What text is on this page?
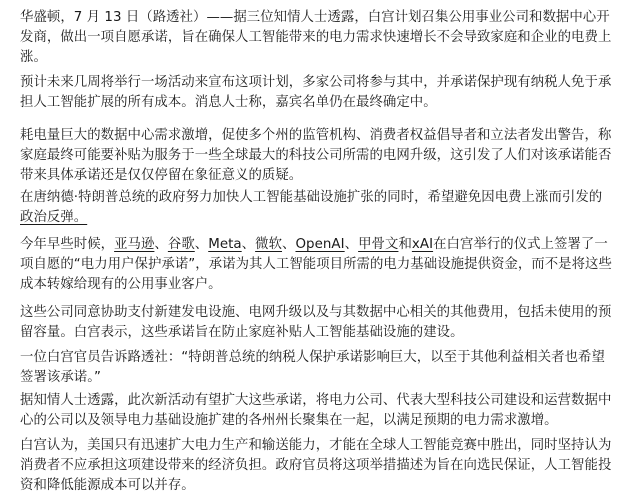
华盛顿，7 月 13 日（路透社）——据三位知情人士透露，白宫计划召集公用事业公司和数据中心开
发商，做出一项自愿承诺，旨在确保人工智能带来的电力需求快速增长不会导致家庭和企业的电费上
涨。

预计未来几周将举行一场活动来宣布这项计划，多家公司将参与其中，并承诺保护现有纳税人免于承
担人工智能扩展的所有成本。消息人士称，嘉宾名单仍在最终确定中。

耗电量巨大的数据中心需求激增，促使多个州的监管机构、消费者权益倡导者和立法者发出警告，称
家庭最终可能要补贴为服务于一些全球最大的科技公司所需的电网升级，这引发了人们对该承诺能否
带来具体承诺还是仅仅停留在象征意义的质疑。

在唐纳德·特朗普总统的政府努力加快人工智能基础设施扩张的同时，希望避免因电费上涨而引发的
政治反弹。

今年早些时候，亚马逊、谷歌、Meta、微软、OpenAI、甲骨文和xAI在白宫举行的仪式上签署了一
项自愿的“电力用户保护承诺”，承诺为其人工智能项目所需的电力基础设施提供资金，而不是将这些
成本转嫁给现有的公用事业客户。

这些公司同意协助支付新建发电设施、电网升级以及与其数据中心相关的其他费用，包括未使用的预
留容量。白宫表示，这些承诺旨在防止家庭补贴人工智能基础设施的建设。

一位白宫官员告诉路透社：“特朗普总统的纳税人保护承诺影响巨大，以至于其他利益相关者也希望
签署该承诺。”

据知情人士透露，此次新活动有望扩大这些承诺，将电力公司、代表大型科技公司建设和运营数据中
心的公司以及领导电力基础设施扩建的各州州长聚集在一起，以满足预期的电力需求激增。

白宫认为，美国只有迅速扩大电力生产和输送能力，才能在全球人工智能竞赛中胜出，同时坚持认为
消费者不应承担这项建设带来的经济负担。政府官员将这项举措描述为旨在向选民保证，人工智能投
资和降低能源成本可以并存。
